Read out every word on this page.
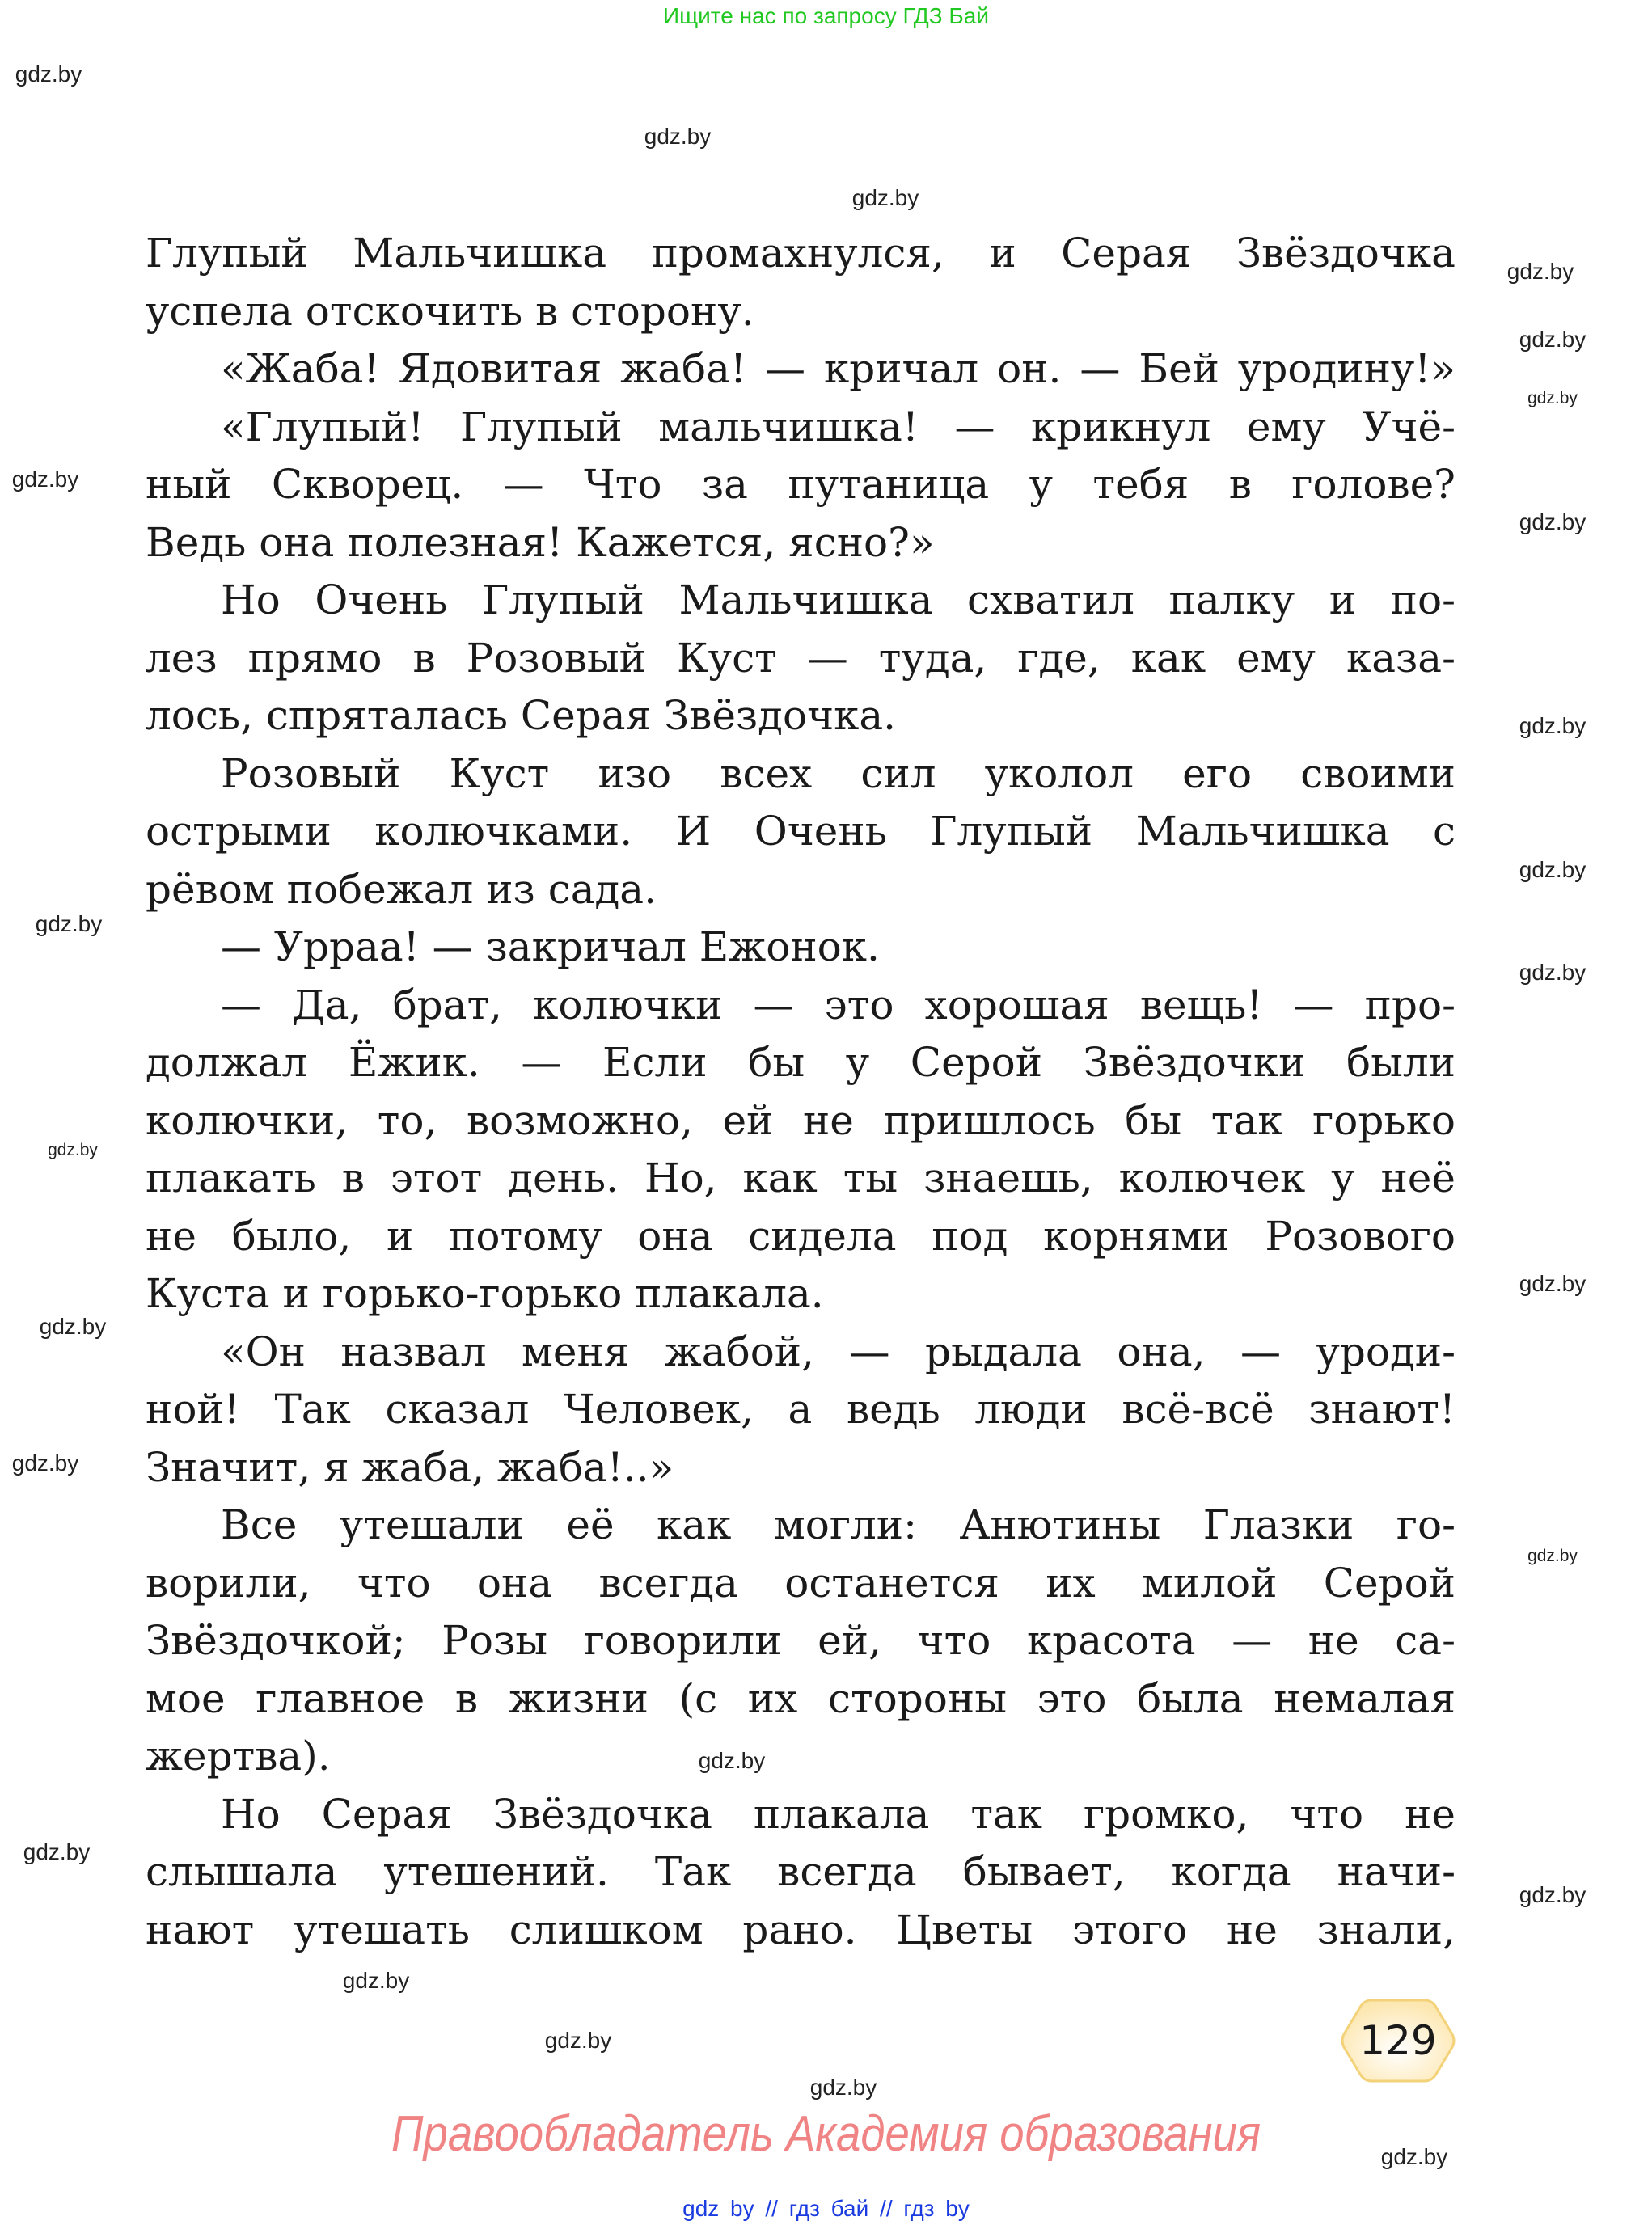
Ищите нас по запросу ГДЗ Бай
Глупый Мальчишка промахнулся, и Серая Звёздочка
успела отскочить в сторону.
«Жаба! Ядовитая жаба! — кричал он. — Бей уродину!»
«Глупый! Глупый мальчишка! — крикнул ему Учё-
ный Скворец. — Что за путаница у тебя в голове?
Ведь она полезная! Кажется, ясно?»
Но Очень Глупый Мальчишка схватил палку и по-
лез прямо в Розовый Куст — туда, где, как ему каза-
лось, спряталась Серая Звёздочка.
Розовый Куст изо всех сил уколол его своими
острыми колючками. И Очень Глупый Мальчишка с
рёвом побежал из сада.
— Урраа! — закричал Ежонок.
— Да, брат, колючки — это хорошая вещь! — про-
должал Ёжик. — Если бы у Серой Звёздочки были
колючки, то, возможно, ей не пришлось бы так горько
плакать в этот день. Но, как ты знаешь, колючек у неё
не было, и потому она сидела под корнями Розового
Куста и горько-горько плакала.
«Он назвал меня жабой, — рыдала она, — уроди-
ной! Так сказал Человек, а ведь люди всё-всё знают!
Значит, я жаба, жаба!..»
Все утешали её как могли: Анютины Глазки го-
ворили, что она всегда останется их милой Серой
Звёздочкой; Розы говорили ей, что красота — не са-
мое главное в жизни (с их стороны это была немалая
жертва).
Но Серая Звёздочка плакала так громко, что не
слышала утешений. Так всегда бывает, когда начи-
нают утешать слишком рано. Цветы этого не знали,
gdz.by
gdz.by
gdz.by
gdz.by
gdz.by
gdz.by
gdz.by
gdz.by
gdz.by
gdz.by
gdz.by
gdz.by
gdz.by
gdz.by
gdz.by
gdz.by
gdz.by
gdz.by
gdz.by
gdz.by
gdz.by
gdz.by
gdz.by
gdz.by
129
Правообладатель Академия образования
gdz by // гдз бай // гдз by
